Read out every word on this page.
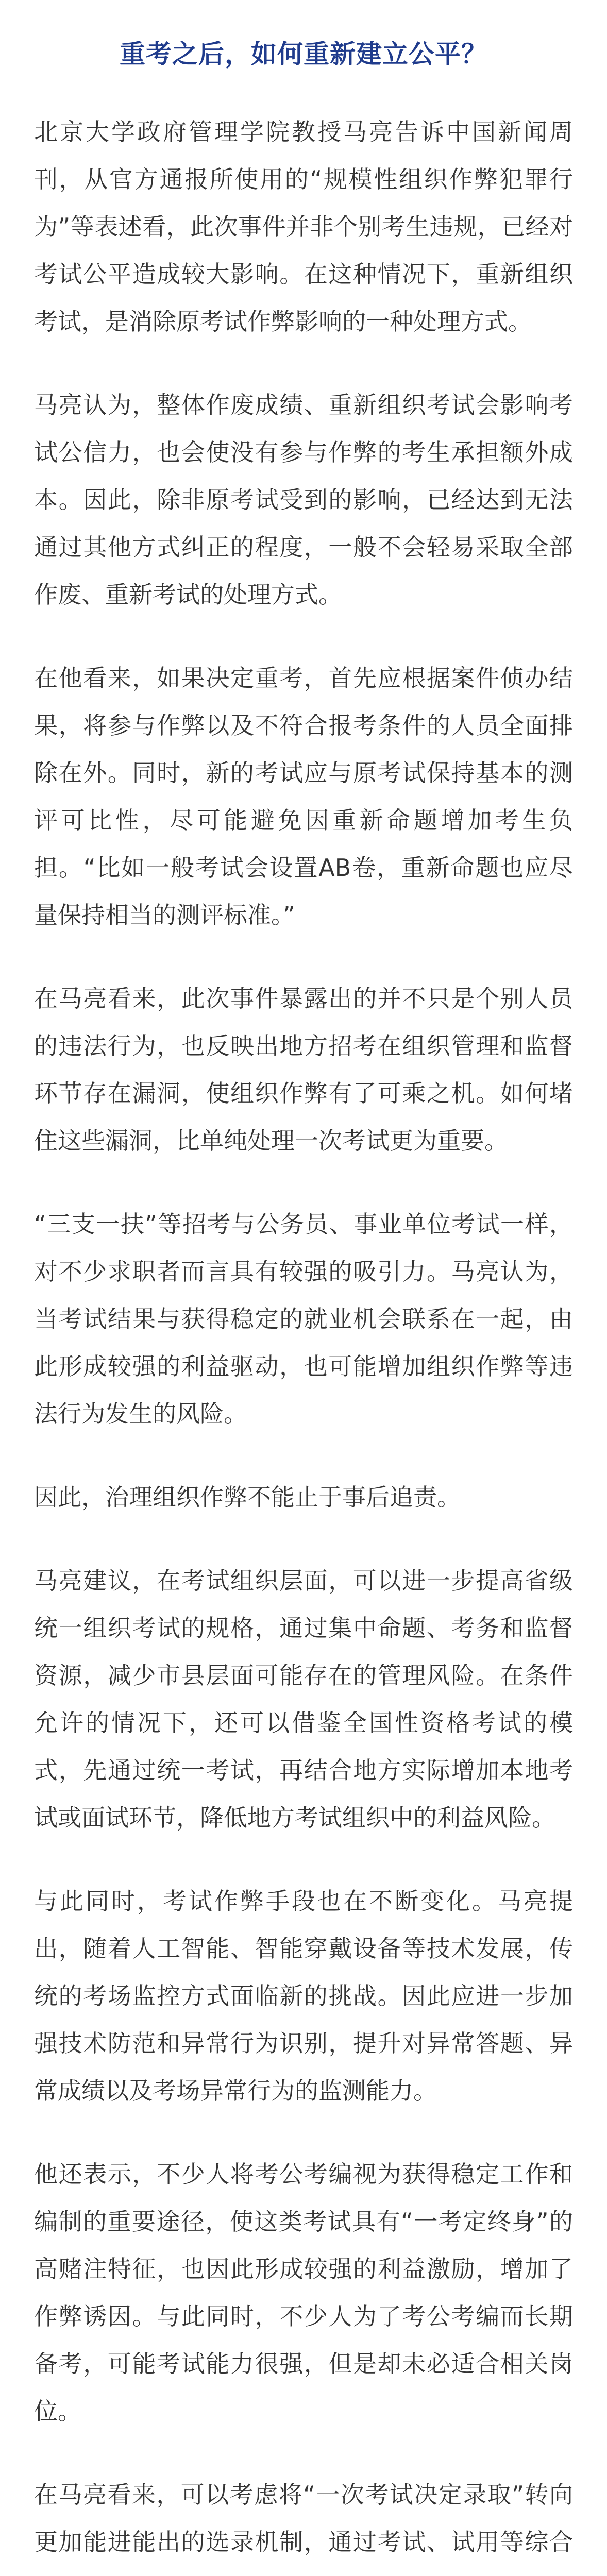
重考之后，如何重新建立公平？

北京大学政府管理学院教授马亮告诉中国新闻周刊，从官方通报所使用的“规模性组织作弊犯罪行为”等表述看，此次事件并非个别考生违规，已经对考试公平造成较大影响。在这种情况下，重新组织考试，是消除原考试作弊影响的一种处理方式。

马亮认为，整体作废成绩、重新组织考试会影响考试公信力，也会使没有参与作弊的考生承担额外成本。因此，除非原考试受到的影响，已经达到无法通过其他方式纠正的程度，一般不会轻易采取全部作废、重新考试的处理方式。

在他看来，如果决定重考，首先应根据案件侦办结果，将参与作弊以及不符合报考条件的人员全面排除在外。同时，新的考试应与原考试保持基本的测评可比性，尽可能避免因重新命题增加考生负担。“比如一般考试会设置AB卷，重新命题也应尽量保持相当的测评标准。”

在马亮看来，此次事件暴露出的并不只是个别人员的违法行为，也反映出地方招考在组织管理和监督环节存在漏洞，使组织作弊有了可乘之机。如何堵住这些漏洞，比单纯处理一次考试更为重要。

“三支一扶”等招考与公务员、事业单位考试一样，对不少求职者而言具有较强的吸引力。马亮认为，当考试结果与获得稳定的就业机会联系在一起，由此形成较强的利益驱动，也可能增加组织作弊等违法行为发生的风险。

因此，治理组织作弊不能止于事后追责。

马亮建议，在考试组织层面，可以进一步提高省级统一组织考试的规格，通过集中命题、考务和监督资源，减少市县层面可能存在的管理风险。在条件允许的情况下，还可以借鉴全国性资格考试的模式，先通过统一考试，再结合地方实际增加本地考试或面试环节，降低地方考试组织中的利益风险。

与此同时，考试作弊手段也在不断变化。马亮提出，随着人工智能、智能穿戴设备等技术发展，传统的考场监控方式面临新的挑战。因此应进一步加强技术防范和异常行为识别，提升对异常答题、异常成绩以及考场异常行为的监测能力。

他还表示，不少人将考公考编视为获得稳定工作和编制的重要途径，使这类考试具有“一考定终身”的高赌注特征，也因此形成较强的利益激励，增加了作弊诱因。与此同时，不少人为了考公考编而长期备考，可能考试能力很强，但是却未必适合相关岗位。

在马亮看来，可以考虑将“一次考试决定录取”转向更加能进能出的选录机制，通过考试、试用等综合
